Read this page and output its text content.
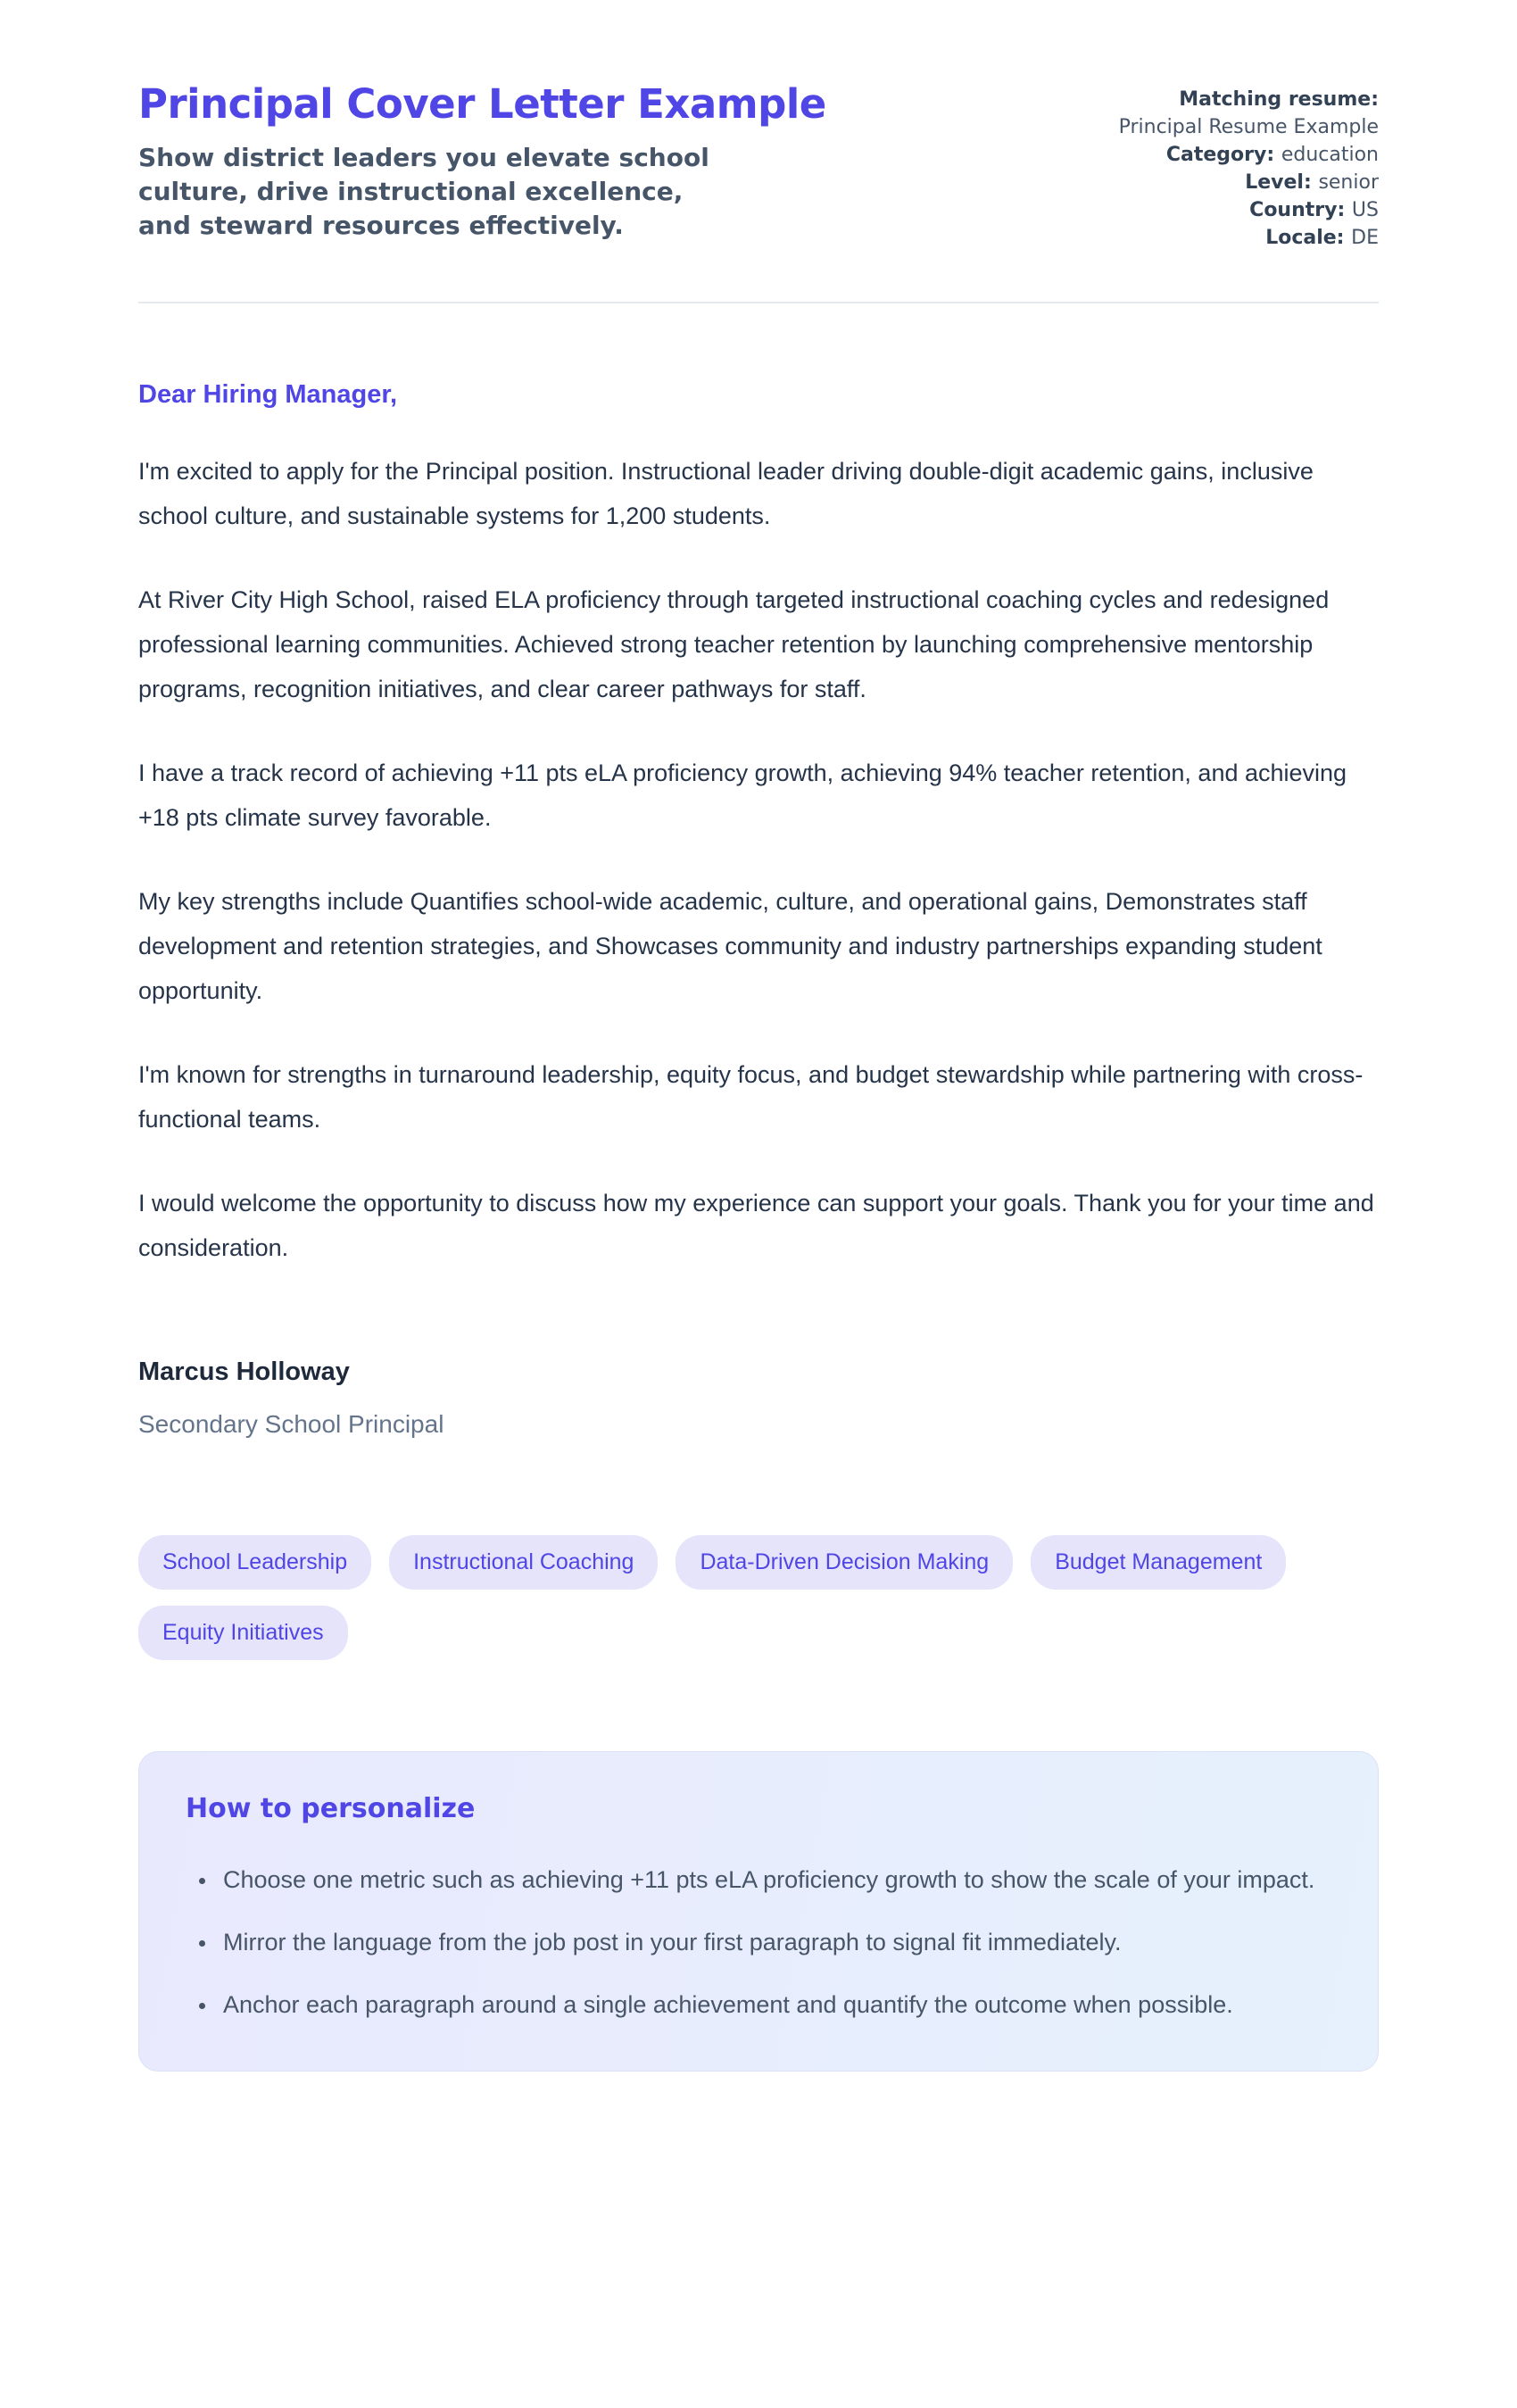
Principal Cover Letter Example

Show district leaders you elevate school culture, drive instructional excellence, and steward resources effectively.

Matching resume: Principal Resume Example
Category: education
Level: senior
Country: US
Locale: DE

Dear Hiring Manager,

I'm excited to apply for the Principal position. Instructional leader driving double-digit academic gains, inclusive school culture, and sustainable systems for 1,200 students.

At River City High School, raised ELA proficiency through targeted instructional coaching cycles and redesigned professional learning communities. Achieved strong teacher retention by launching comprehensive mentorship programs, recognition initiatives, and clear career pathways for staff.

I have a track record of achieving +11 pts eLA proficiency growth, achieving 94% teacher retention, and achieving +18 pts climate survey favorable.

My key strengths include Quantifies school-wide academic, culture, and operational gains, Demonstrates staff development and retention strategies, and Showcases community and industry partnerships expanding student opportunity.

I'm known for strengths in turnaround leadership, equity focus, and budget stewardship while partnering with cross-functional teams.

I would welcome the opportunity to discuss how my experience can support your goals. Thank you for your time and consideration.

Marcus Holloway

Secondary School Principal

School Leadership	Instructional Coaching	Data-Driven Decision Making	Budget Management
Equity Initiatives
How to personalize
• Choose one metric such as achieving +11 pts eLA proficiency growth to show the scale of your impact.
• Mirror the language from the job post in your first paragraph to signal fit immediately.
• Anchor each paragraph around a single achievement and quantify the outcome when possible.
